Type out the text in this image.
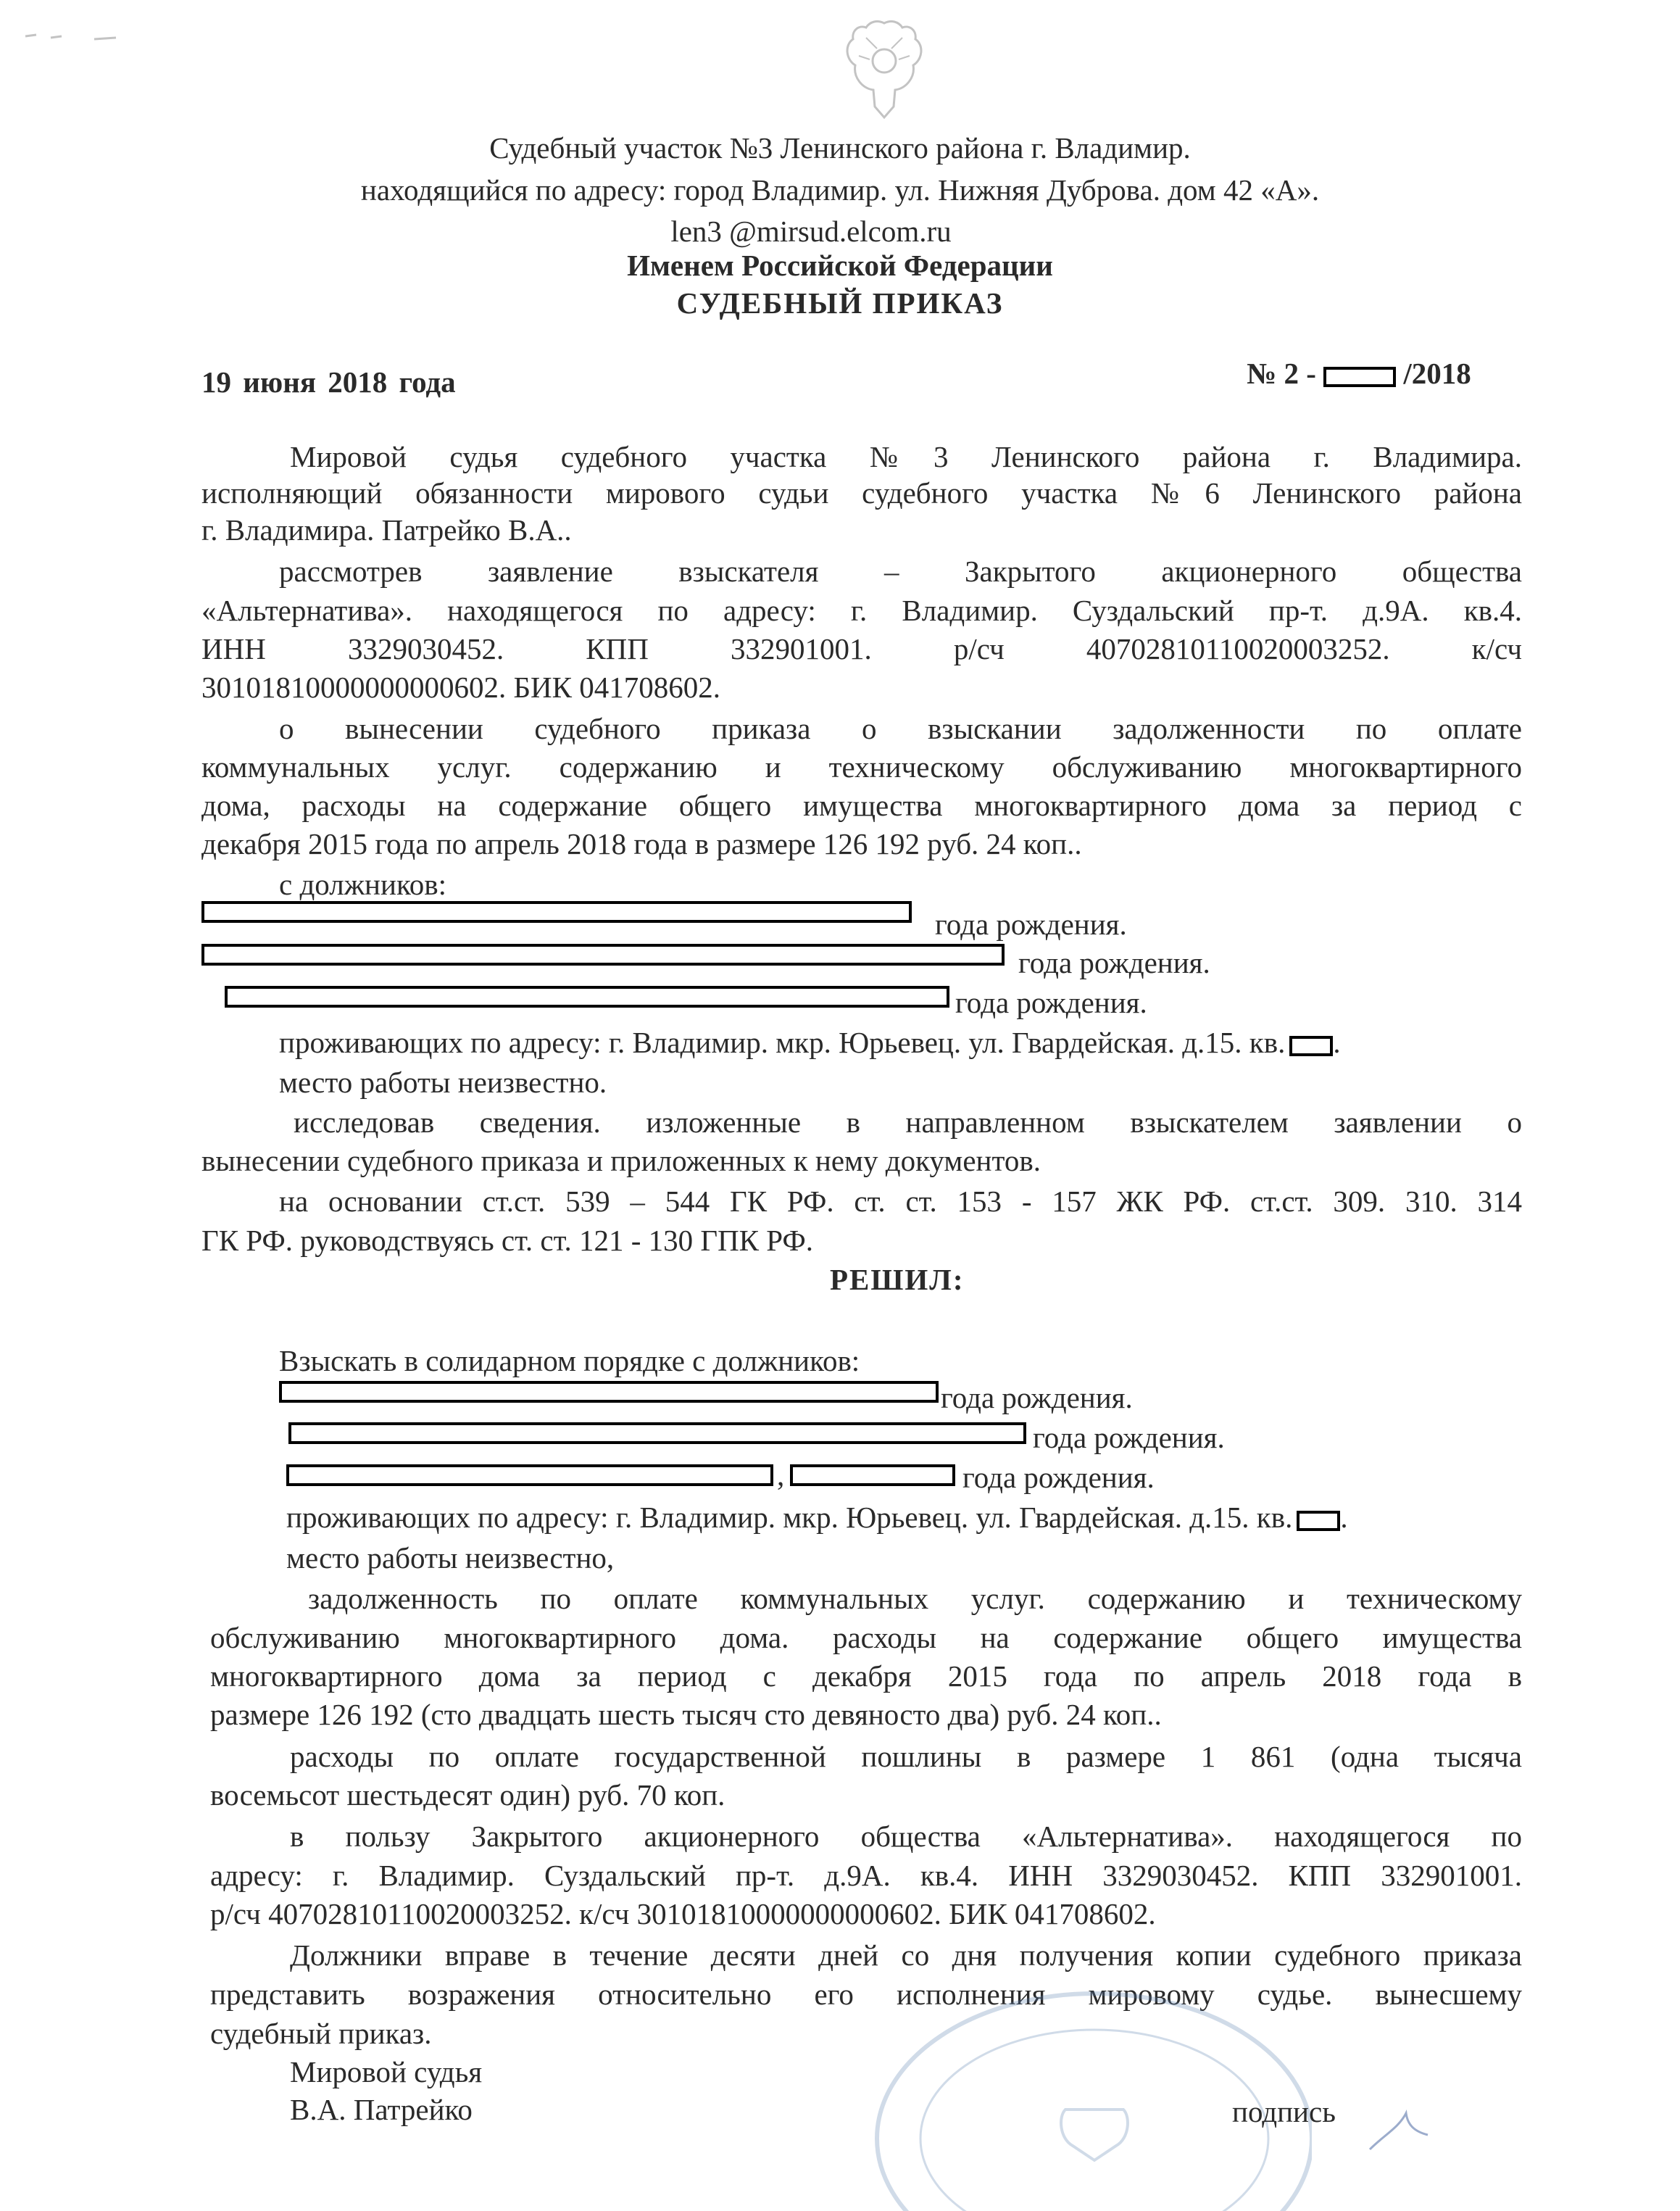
Судебный участок №3 Ленинского района г. Владимир.
находящийся по адресу: город Владимир. ул. Нижняя Дуброва. дом 42 «А».
len3 @mirsud.elcom.ru
Именем Российской Федерации
СУДЕБНЫЙ ПРИКАЗ
19 июня 2018 года	№ 2 -	/2018
Мировой судья судебного участка №3 Ленинского района г. Владимира.
исполняющий обязанности мирового судьи судебного участка №6 Ленинского района
г. Владимира. Патрейко В.А..
рассмотрев заявление взыскателя – Закрытого акционерного общества
«Альтернатива». находящегося по адресу: г. Владимир. Суздальский пр-т. д.9А. кв.4.
ИНН 3329030452. КПП 332901001. р/сч 40702810110020003252. к/сч
30101810000000000602. БИК 041708602.
о вынесении судебного приказа о взыскании задолженности по оплате
коммунальных услуг. содержанию и техническому обслуживанию многоквартирного
дома, расходы на содержание общего имущества многоквартирного дома за период с
декабря 2015 года по апрель 2018 года в размере 126 192 руб. 24 коп..
с должников:
года рождения.
года рождения.
года рождения.
проживающих по адресу: г. Владимир. мкр. Юрьевец. ул. Гвардейская. д.15. кв. .
место работы неизвестно.
исследовав сведения. изложенные в направленном взыскателем заявлении о
вынесении судебного приказа и приложенных к нему документов.
на основании ст.ст. 539 – 544 ГК РФ. ст. ст. 153 - 157 ЖК РФ. ст.ст. 309. 310. 314
ГК РФ. руководствуясь ст. ст. 121 - 130 ГПК РФ.
РЕШИЛ:
Взыскать в солидарном порядке с должников:
года рождения.
года рождения.
,	года рождения.
проживающих по адресу: г. Владимир. мкр. Юрьевец. ул. Гвардейская. д.15. кв. .
место работы неизвестно,
задолженность по оплате коммунальных услуг. содержанию и техническому
обслуживанию многоквартирного дома. расходы на содержание общего имущества
многоквартирного дома за период с декабря 2015 года по апрель 2018 года в
размере 126 192 (сто двадцать шесть тысяч сто девяносто два) руб. 24 коп..
расходы по оплате государственной пошлины в размере 1 861 (одна тысяча
восемьсот шестьдесят один) руб. 70 коп.
в пользу Закрытого акционерного общества «Альтернатива». находящегося по
адресу: г. Владимир. Суздальский пр-т. д.9А. кв.4. ИНН 3329030452. КПП 332901001.
р/сч 40702810110020003252. к/сч 30101810000000000602. БИК 041708602.
Должники вправе в течение десяти дней со дня получения копии судебного приказа
представить возражения относительно его исполнения мировому судье. вынесшему
судебный приказ.
Мировой судья
В.А. Патрейко	подпись
